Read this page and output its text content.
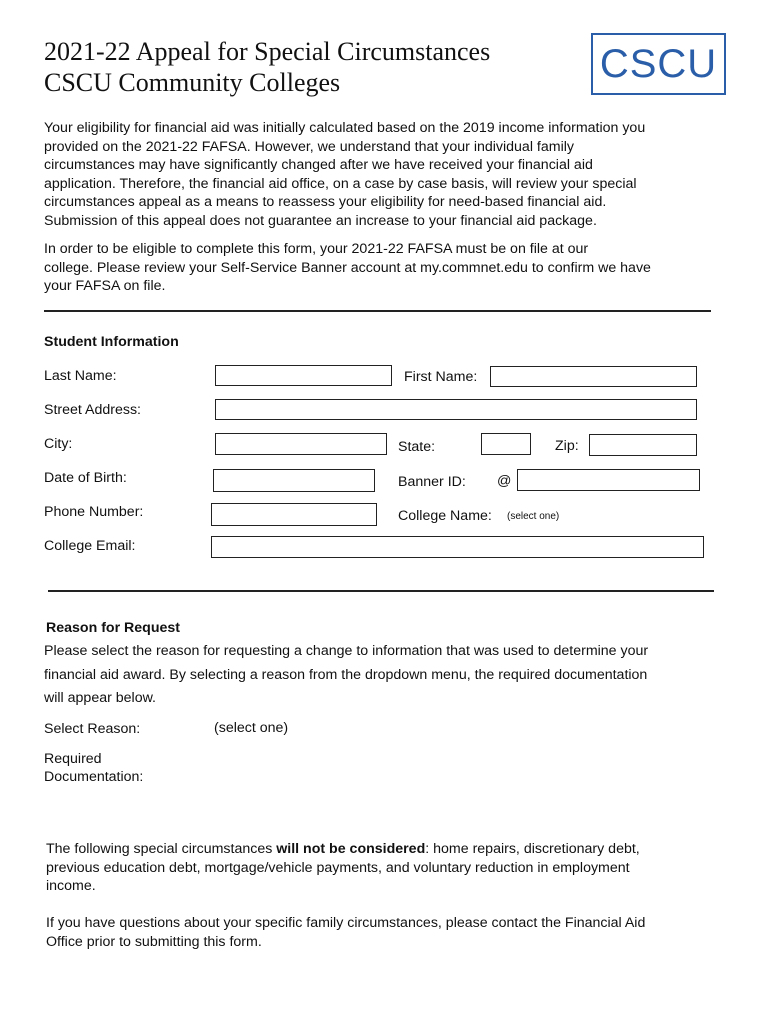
2021-22 Appeal for Special Circumstances
CSCU Community Colleges	CSCU
Your eligibility for financial aid was initially calculated based on the 2019 income information you
provided on the 2021-22 FAFSA. However, we understand that your individual family
circumstances may have significantly changed after we have received your financial aid
application. Therefore, the financial aid office, on a case by case basis, will review your special
circumstances appeal as a means to reassess your eligibility for need-based financial aid.
Submission of this appeal does not guarantee an increase to your financial aid package.
In order to be eligible to complete this form, your 2021-22 FAFSA must be on file at our
college. Please review your Self-Service Banner account at my.commnet.edu to confirm we have
your FAFSA on file.
Student Information
Last Name:	First Name:
Street Address:
City:	State:	Zip:
Date of Birth:	Banner ID: @
Phone Number:	College Name: (select one)
College Email:
Reason for Request
Please select the reason for requesting a change to information that was used to determine your
financial aid award. By selecting a reason from the dropdown menu, the required documentation
will appear below.
Select Reason:	(select one)
Required
Documentation:
The following special circumstances will not be considered: home repairs, discretionary debt,
previous education debt, mortgage/vehicle payments, and voluntary reduction in employment
income.
If you have questions about your specific family circumstances, please contact the Financial Aid
Office prior to submitting this form.
